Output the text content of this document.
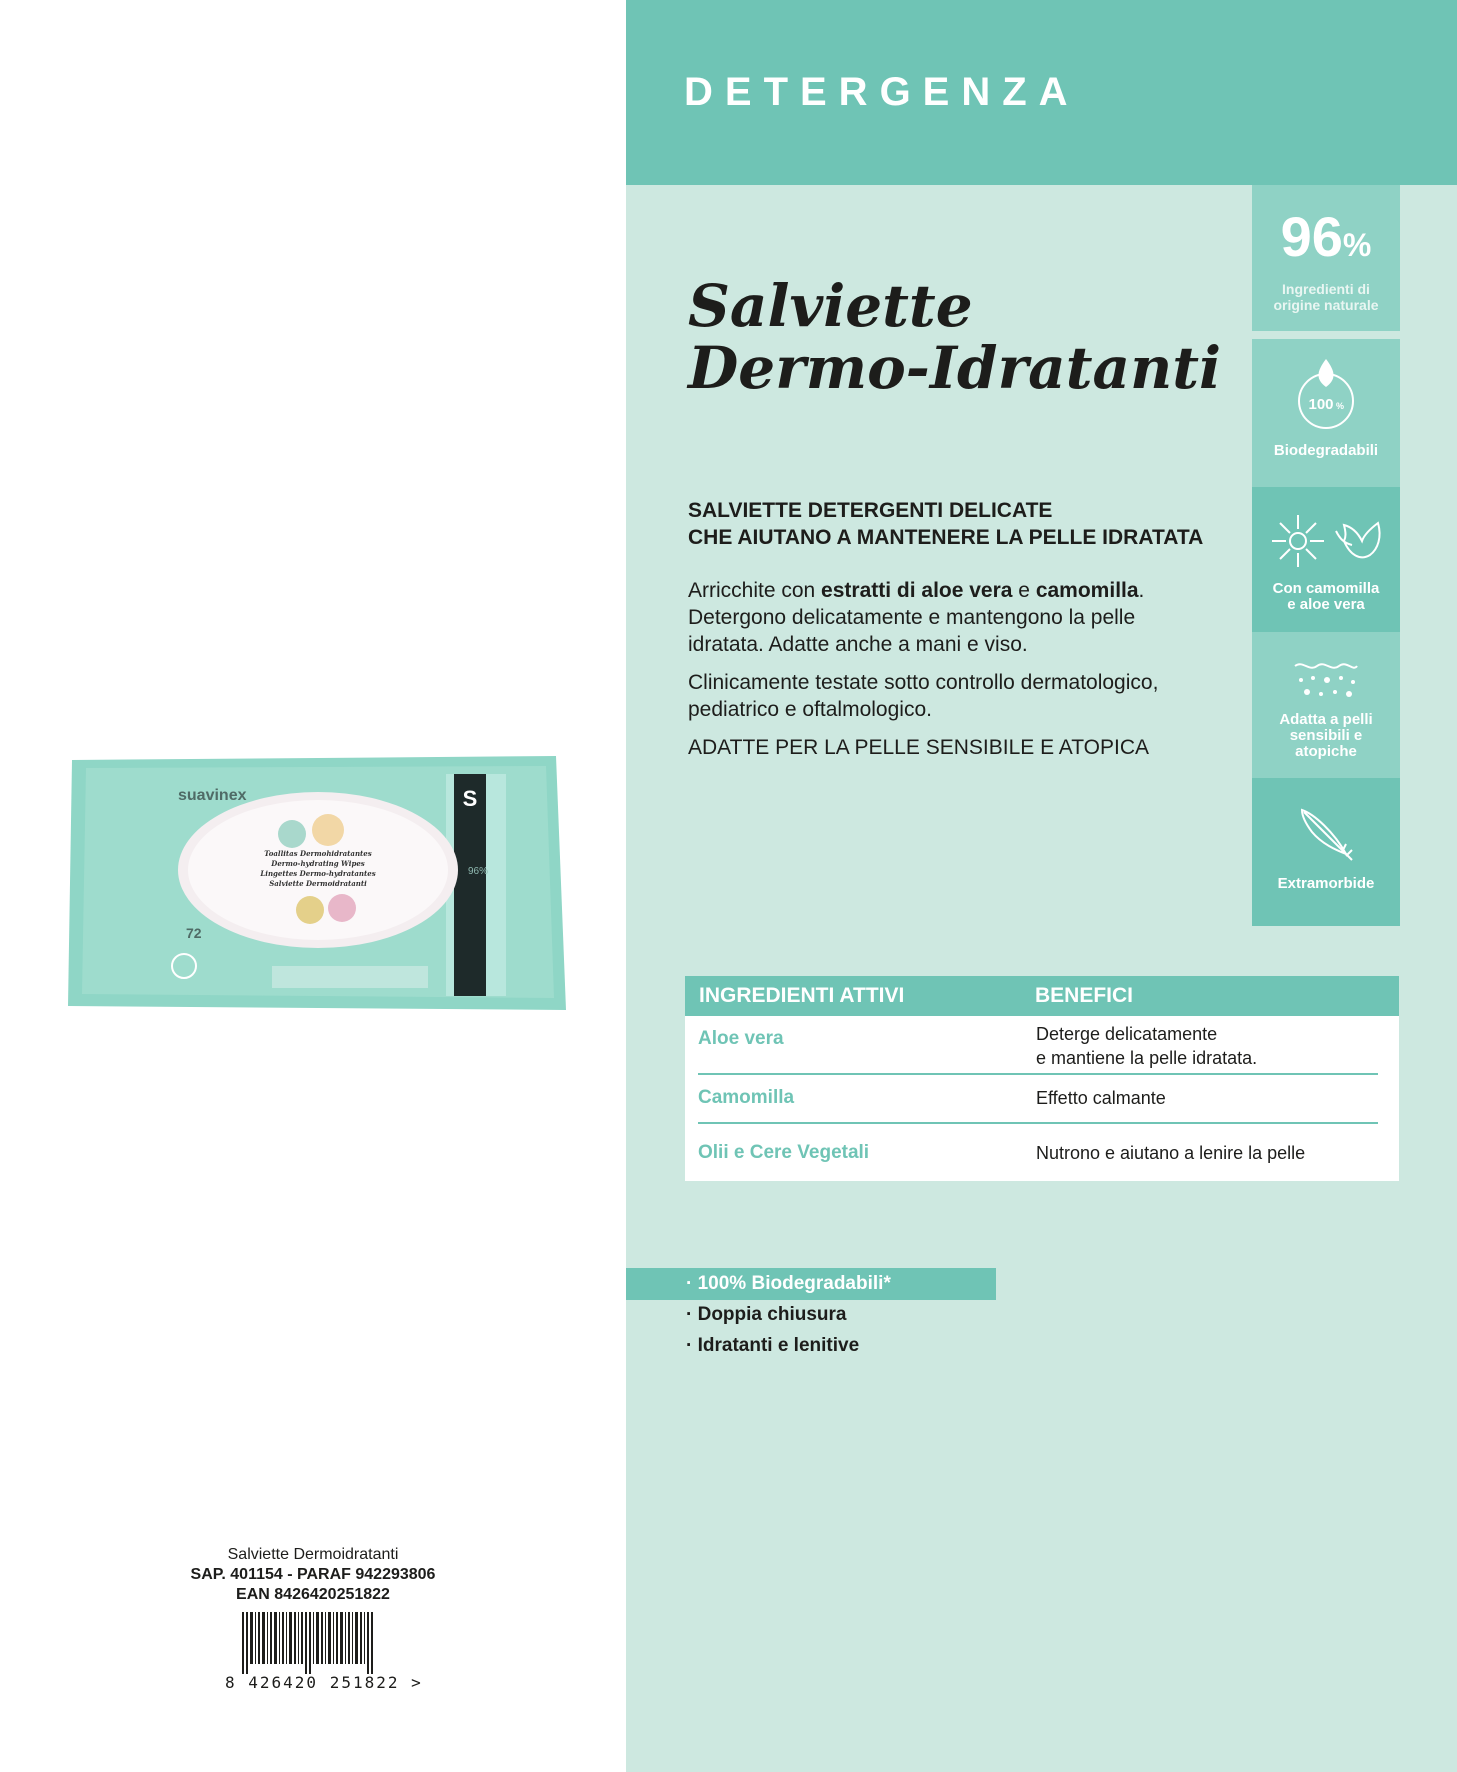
DETERGENZA
S
suavinex
Toallitas Dermohidratantes
Dermo-hydrating Wipes
Lingettes Dermo-hydratantes
Salviette Dermoidratanti
72
96%
Salviette
Dermo-Idratanti
SALVIETTE DETERGENTI DELICATE
CHE AIUTANO A MANTENERE LA PELLE IDRATATA
Arricchite con estratti di aloe vera e camomilla.
Detergono delicatamente e mantengono la pelle
idratata. Adatte anche a mani e viso.
Clinicamente testate sotto controllo dermatologico,
pediatrico e oftalmologico.
ADATTE PER LA PELLE SENSIBILE E ATOPICA
96%
Ingredienti di
origine naturale
100 %
Biodegradabili
Con camomilla
e aloe vera
Adatta a pelli
sensibili e
atopiche
Extramorbide
INGREDIENTI ATTIVI	BENEFICI
Aloe vera	Deterge delicatamente
e mantiene la pelle idratata.
Camomilla	Effetto calmante
Olii e Cere Vegetali	Nutrono e aiutano a lenire la pelle
· 100% Biodegradabili*
· Doppia chiusura
· Idratanti e lenitive
Salviette Dermoidratanti
SAP. 401154 - PARAF 942293806
EAN 8426420251822
8 426420 251822 >
